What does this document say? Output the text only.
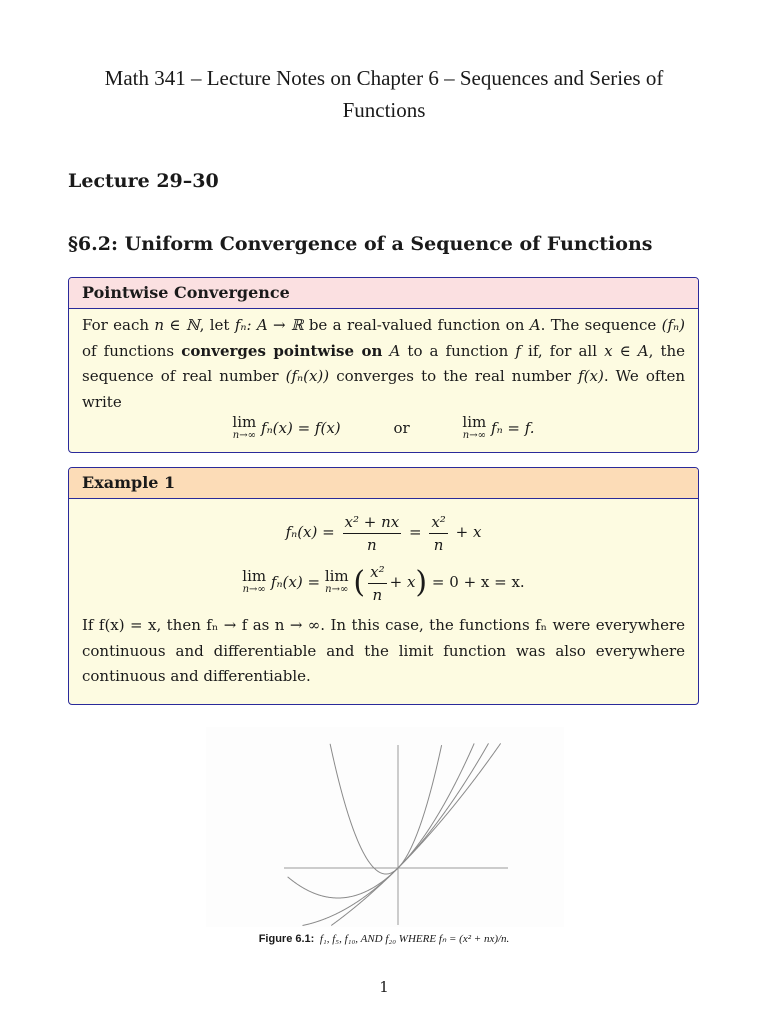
Math 341 – Lecture Notes on Chapter 6 – Sequences and Series of
Functions
Lecture 29–30
§6.2: Uniform Convergence of a Sequence of Functions
Pointwise Convergence
For each n ∈ ℕ, let fₙ: A → ℝ be a real-valued function on A. The sequence (fₙ) of functions converges pointwise on A to a function f if, for all x ∈ A, the sequence of real number (fₙ(x)) converges to the real number f(x). We often write
lim
n→∞ fₙ(x) = f(x)	or	lim
n→∞ fₙ = f.
Example 1
$f_n(x) = \frac{\text{x² + nx}}{n} = \frac{\text{x²}}{n} + x$
lim
n→∞ fₙ(x) = lim
n→∞ ( $\frac{\text{x²}}{n} + x) = 0 + x = x$.
If f(x) = x, then fₙ → f as n → ∞. In this case, the functions fₙ were everywhere continuous and differentiable and the limit function was also everywhere continuous and differentiable.
Figure 6.1: f₁, f₅, f₁₀, AND f₂₀ WHERE fₙ = (x² + nx)/n.
1
